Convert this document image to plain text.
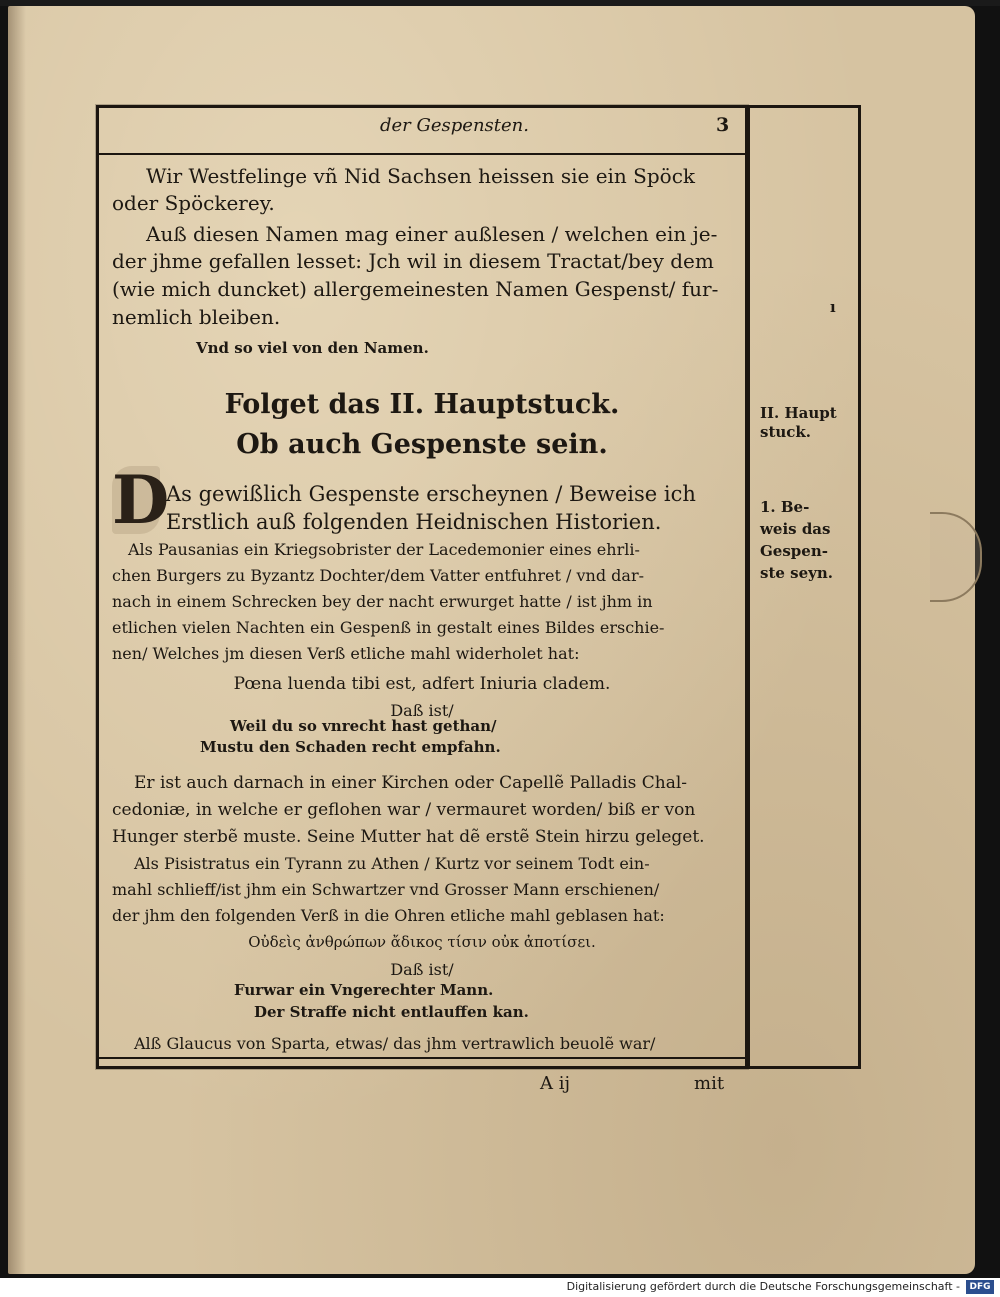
der Gespensten.	3

Wir Westfelinge vñ Nid Sachsen heissen sie ein Spöck

oder Spöckerey.

Auß diesen Namen mag einer außlesen / welchen ein je-

der jhme gefallen lesset: Jch wil in diesem Tractat/bey dem

(wie mich duncket) allergemeinesten Namen Gespenst/ fur-

nemlich bleiben.

Vnd so viel von den Namen.

Folget das II. Hauptstuck.

Ob auch Gespenste sein.

D

As gewißlich Gespenste erscheynen / Beweise ich

Erstlich auß folgenden Heidnischen Historien.

Als Pausanias ein Kriegsobrister der Lacedemonier eines ehrli-

chen Burgers zu Byzantz Dochter/dem Vatter entfuhret / vnd dar-

nach in einem Schrecken bey der nacht erwurget hatte / ist jhm in

etlichen vielen Nachten ein Gespenß in gestalt eines Bildes erschie-

nen/ Welches jm diesen Verß etliche mahl widerholet hat:

Pœna luenda tibi est, adfert Iniuria cladem.

Daß ist/

Weil du so vnrecht hast gethan/

Mustu den Schaden recht empfahn.

Er ist auch darnach in einer Kirchen oder Capellẽ Palladis Chal-

cedoniæ, in welche er geflohen war / vermauret worden/ biß er von

Hunger sterbẽ muste. Seine Mutter hat dẽ erstẽ Stein hirzu geleget.

Als Pisistratus ein Tyrann zu Athen / Kurtz vor seinem Todt ein-

mahl schlieff/ist jhm ein Schwartzer vnd Grosser Mann erschienen/

der jhm den folgenden Verß in die Ohren etliche mahl geblasen hat:

Οὐδεὶς ἀνθρώπων ἄδικος τίσιν οὐκ ἀποτίσει.

Daß ist/

Furwar ein Vngerechter Mann.

Der Straffe nicht entlauffen kan.

Alß Glaucus von Sparta, etwas/ das jhm vertrawlich beuolẽ war/

A ij	mit

ı

II. Haupt

stuck.

1. Be-

weis das

Gespen-

ste seyn.

Digitalisierung gefördert durch die Deutsche Forschungsgemeinschaft -	DFG
